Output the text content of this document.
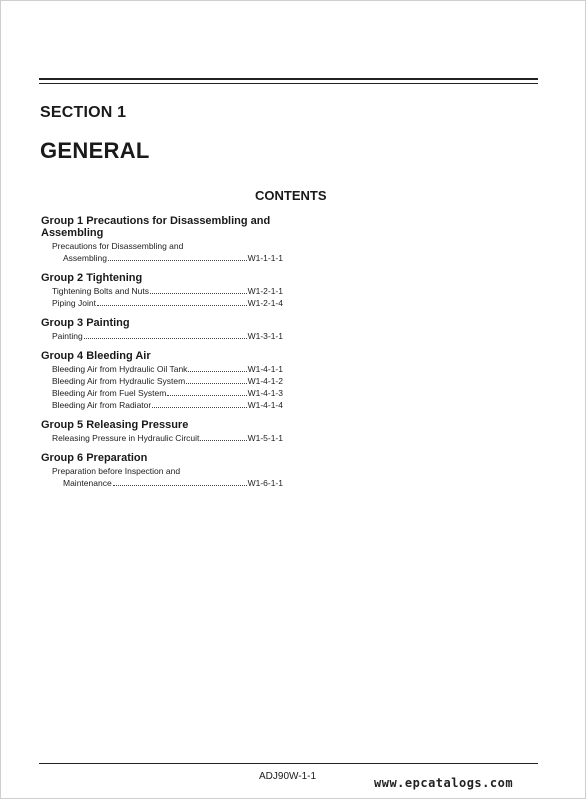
SECTION 1
GENERAL
CONTENTS
Group 1 Precautions for Disassembling and
Assembling
Precautions for Disassembling and
Assembling	W1-1-1-1
Group 2 Tightening
Tightening Bolts and Nuts	W1-2-1-1
Piping Joint	W1-2-1-4
Group 3 Painting
Painting	W1-3-1-1
Group 4 Bleeding Air
Bleeding Air from Hydraulic Oil Tank	W1-4-1-1
Bleeding Air from Hydraulic System	W1-4-1-2
Bleeding Air from Fuel System	W1-4-1-3
Bleeding Air from Radiator	W1-4-1-4
Group 5 Releasing Pressure
Releasing Pressure in Hydraulic Circuit	W1-5-1-1
Group 6 Preparation
Preparation before Inspection and
Maintenance	W1-6-1-1
ADJ90W-1-1	www.epcatalogs.com
